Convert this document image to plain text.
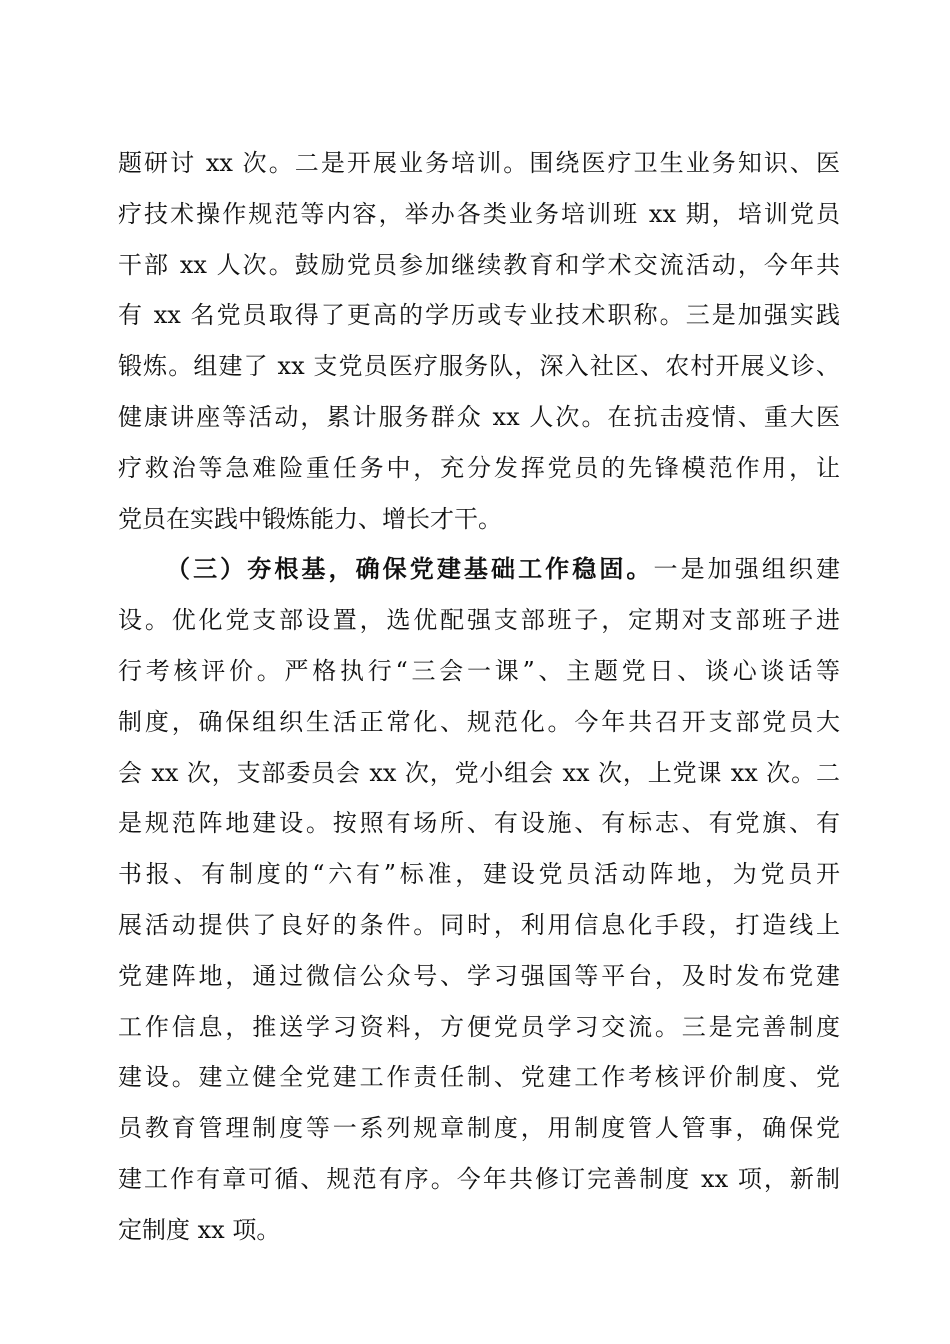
题研讨 xx 次。二是开展业务培训。围绕医疗卫生业务知识、医
疗技术操作规范等内容，举办各类业务培训班 xx 期，培训党员
干部 xx 人次。鼓励党员参加继续教育和学术交流活动，今年共
有 xx 名党员取得了更高的学历或专业技术职称。三是加强实践
锻炼。组建了 xx 支党员医疗服务队，深入社区、农村开展义诊、
健康讲座等活动，累计服务群众 xx 人次。在抗击疫情、重大医
疗救治等急难险重任务中，充分发挥党员的先锋模范作用，让
党员在实践中锻炼能力、增长才干。
（三）夯根基，确保党建基础工作稳固。一是加强组织建
设。优化党支部设置，选优配强支部班子，定期对支部班子进
行考核评价。严格执行“三会一课”、主题党日、谈心谈话等
制度，确保组织生活正常化、规范化。今年共召开支部党员大
会 xx 次，支部委员会 xx 次，党小组会 xx 次，上党课 xx 次。二
是规范阵地建设。按照有场所、有设施、有标志、有党旗、有
书报、有制度的“六有”标准，建设党员活动阵地，为党员开
展活动提供了良好的条件。同时，利用信息化手段，打造线上
党建阵地，通过微信公众号、学习强国等平台，及时发布党建
工作信息，推送学习资料，方便党员学习交流。三是完善制度
建设。建立健全党建工作责任制、党建工作考核评价制度、党
员教育管理制度等一系列规章制度，用制度管人管事，确保党
建工作有章可循、规范有序。今年共修订完善制度 xx 项，新制
定制度 xx 项。
